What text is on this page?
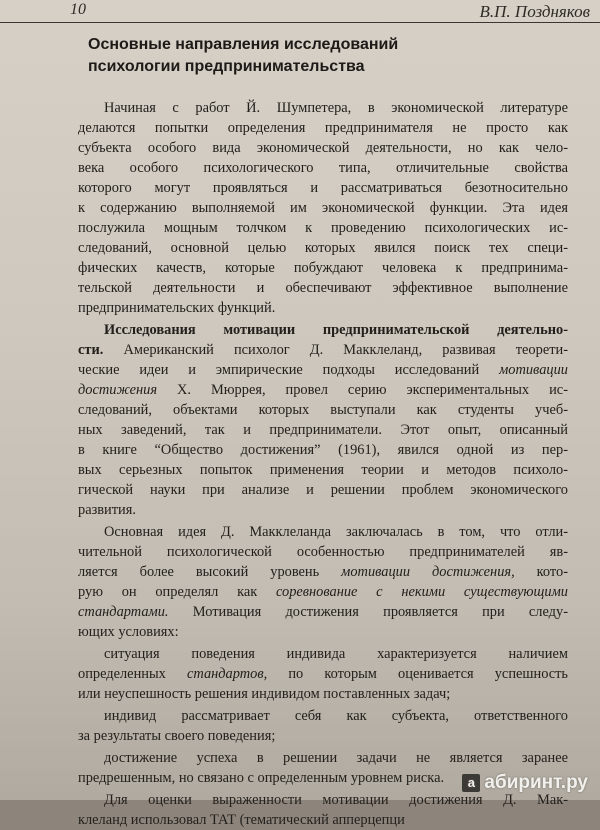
10	В.П. Поздняков
Основные направления исследований
психологии предпринимательства
Начиная с работ Й. Шумпетера, в экономической литературе
делаются попытки определения предпринимателя не просто как
субъекта особого вида экономической деятельности, но как чело-
века особого психологического типа, отличительные свойства
которого могут проявляться и рассматриваться безотносительно
к содержанию выполняемой им экономической функции. Эта идея
послужила мощным толчком к проведению психологических ис-
следований, основной целью которых явился поиск тех специ-
фических качеств, которые побуждают человека к предпринима-
тельской деятельности и обеспечивают эффективное выполнение
предпринимательских функций.
Исследования мотивации предпринимательской деятельно-
сти. Американский психолог Д. Макклеланд, развивая теорети-
ческие идеи и эмпирические подходы исследований мотивации
достижения Х. Мюррея, провел серию экспериментальных ис-
следований, объектами которых выступали как студенты учеб-
ных заведений, так и предприниматели. Этот опыт, описанный
в книге “Общество достижения” (1961), явился одной из пер-
вых серьезных попыток применения теории и методов психоло-
гической науки при анализе и решении проблем экономического
развития.
Основная идея Д. Макклеланда заключалась в том, что отли-
чительной психологической особенностью предпринимателей яв-
ляется более высокий уровень мотивации достижения, кото-
рую он определял как соревнование с некими существующими
стандартами. Мотивация достижения проявляется при следу-
ющих условиях:
ситуация поведения индивида характеризуется наличием
определенных стандартов, по которым оценивается успешность
или неуспешность решения индивидом поставленных задач;
индивид рассматривает себя как субъекта, ответственного
за результаты своего поведения;
достижение успеха в решении задачи не является заранее
предрешенным, но связано с определенным уровнем риска.
Для оценки выраженности мотивации достижения Д. Мак-
клеланд использовал ТАТ (тематический апперцепци
a абиринт.ру
